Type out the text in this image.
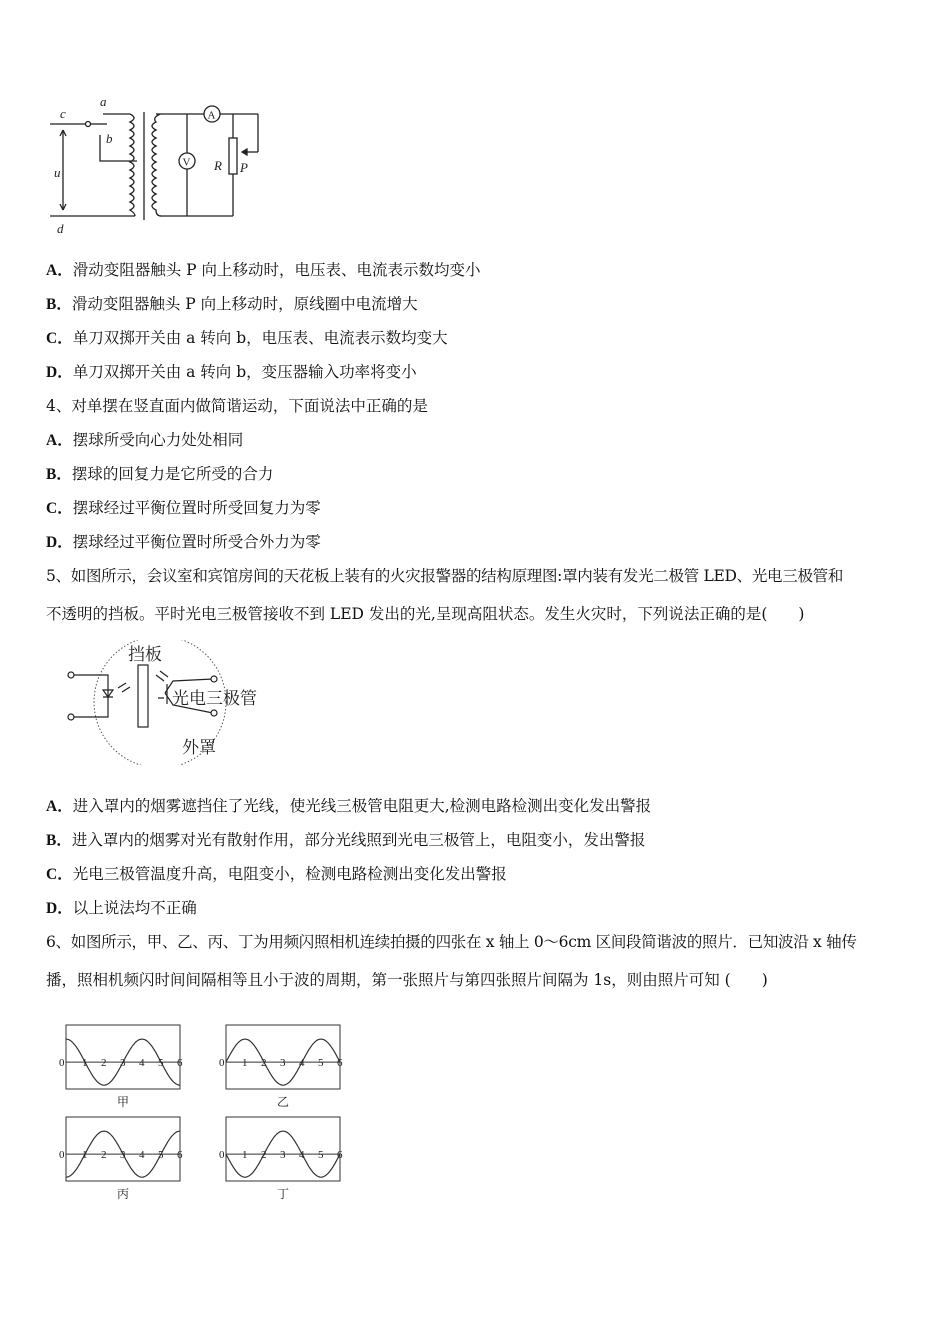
c
a
b
u
d
R P
A
V
A．滑动变阻器触头 P 向上移动时，电压表、电流表示数均变小
B．滑动变阻器触头 P 向上移动时，原线圈中电流增大
C．单刀双掷开关由 a 转向 b，电压表、电流表示数均变大
D．单刀双掷开关由 a 转向 b，变压器输入功率将变小
4、对单摆在竖直面内做简谐运动，下面说法中正确的是
A．摆球所受向心力处处相同
B．摆球的回复力是它所受的合力
C．摆球经过平衡位置时所受回复力为零
D．摆球经过平衡位置时所受合外力为零
5、如图所示，会议室和宾馆房间的天花板上装有的火灾报警器的结构原理图:罩内装有发光二极管 LED、光电三极管和
不透明的挡板。平时光电三极管接收不到 LED 发出的光,呈现高阻状态。发生火灾时，下列说法正确的是(　　)
挡板
光电三极管
外罩
A．进入罩内的烟雾遮挡住了光线，使光线三极管电阻更大,检测电路检测出变化发出警报
B．进入罩内的烟雾对光有散射作用，部分光线照到光电三极管上，电阻变小，发出警报
C．光电三极管温度升高，电阻变小，检测电路检测出变化发出警报
D．以上说法均不正确
6、如图所示，甲、乙、丙、丁为用频闪照相机连续拍摄的四张在 x 轴上 0～6cm 区间段简谐波的照片．已知波沿 x 轴传
播，照相机频闪时间间隔相等且小于波的周期，第一张照片与第四张照片间隔为 1s，则由照片可知 (　　)
0 1 2 3 4 5 6
甲
0 1 2 3 4 5 6
乙
0 1 2 3 4 5 6
丙
0 1 2 3 4 5 6
丁
